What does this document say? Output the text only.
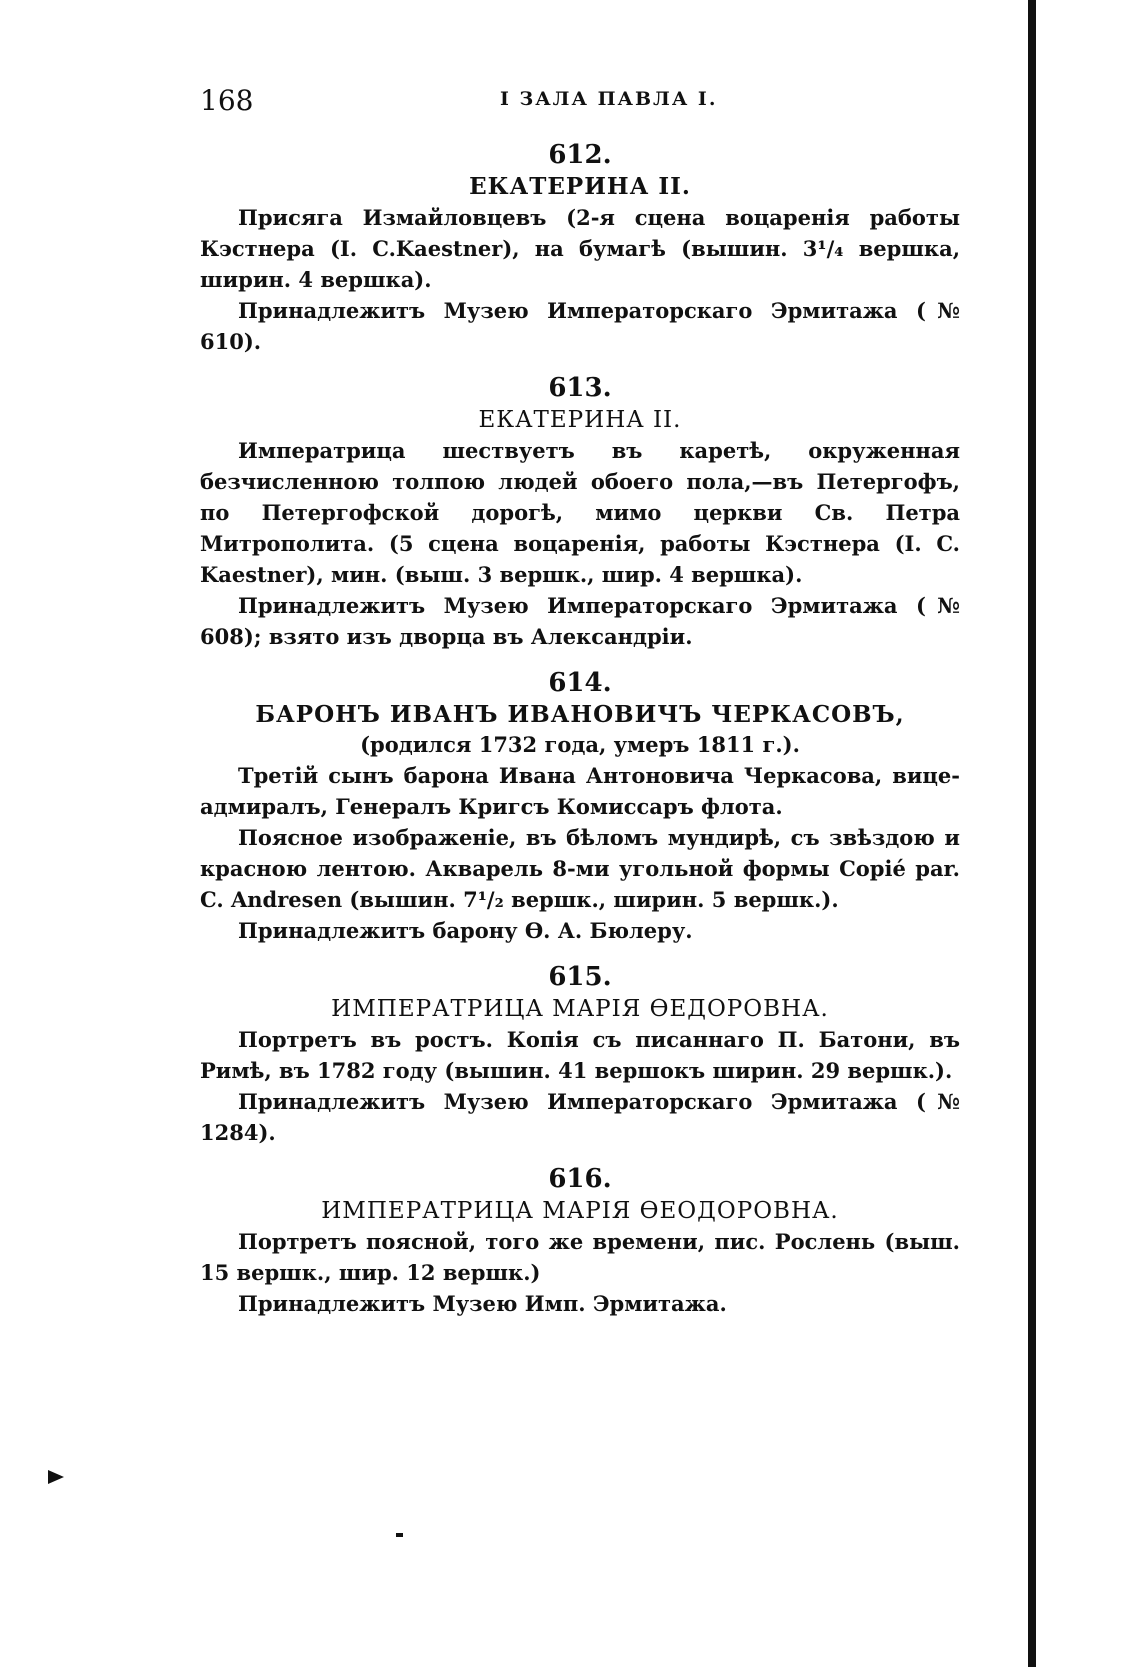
168	I ЗАЛА ПАВЛА I.
612.
ЕКАТЕРИНА II.

Присяга Измайловцевъ (2-я сцена воцаренія работы Кэстнера (I. C.Kaestner), на бумагѣ (вышин. 3¹/₄ вершка, ширин. 4 вершка).

Принадлежитъ Музею Императорскаго Эрмитажа (№ 610).

613.
ЕКАТЕРИНА II.

Императрица шествуетъ въ каретѣ, окруженная безчисленною толпою людей обоего пола,—въ Петергофъ, по Петергофской дорогѣ, мимо церкви Св. Петра Митрополита. (5 сцена воцаренія, работы Кэстнера (I. C. Kaestner), мин. (выш. 3 вершк., шир. 4 вершка).

Принадлежитъ Музею Императорскаго Эрмитажа (№ 608); взято изъ дворца въ Александріи.

614.
БАРОНЪ ИВАНЪ ИВАНОВИЧЪ ЧЕРКАСОВЪ,
(родился 1732 года, умеръ 1811 г.).

Третій сынъ барона Ивана Антоновича Черкасова, вице-адмиралъ, Генералъ Кригсъ Комиссаръ флота.

Поясное изображеніе, въ бѣломъ мундирѣ, съ звѣздою и красною лентою. Акварель 8-ми угольной формы Copié par. C. Andresen (вышин. 7¹/₂ вершк., ширин. 5 вершк.).

Принадлежитъ барону Ѳ. А. Бюлеру.

615.
ИМПЕРАТРИЦА МАРІЯ ѲЕДОРОВНА.

Портретъ въ ростъ. Копія съ писаннаго П. Батони, въ Римѣ, въ 1782 году (вышин. 41 вершокъ ширин. 29 вершк.).

Принадлежитъ Музею Императорскаго Эрмитажа (№ 1284).

616.
ИМПЕРАТРИЦА МАРІЯ ѲЕОДОРОВНА.

Портретъ поясной, того же времени, пис. Рослень (выш. 15 вершк., шир. 12 вершк.)

Принадлежитъ Музею Имп. Эрмитажа.
